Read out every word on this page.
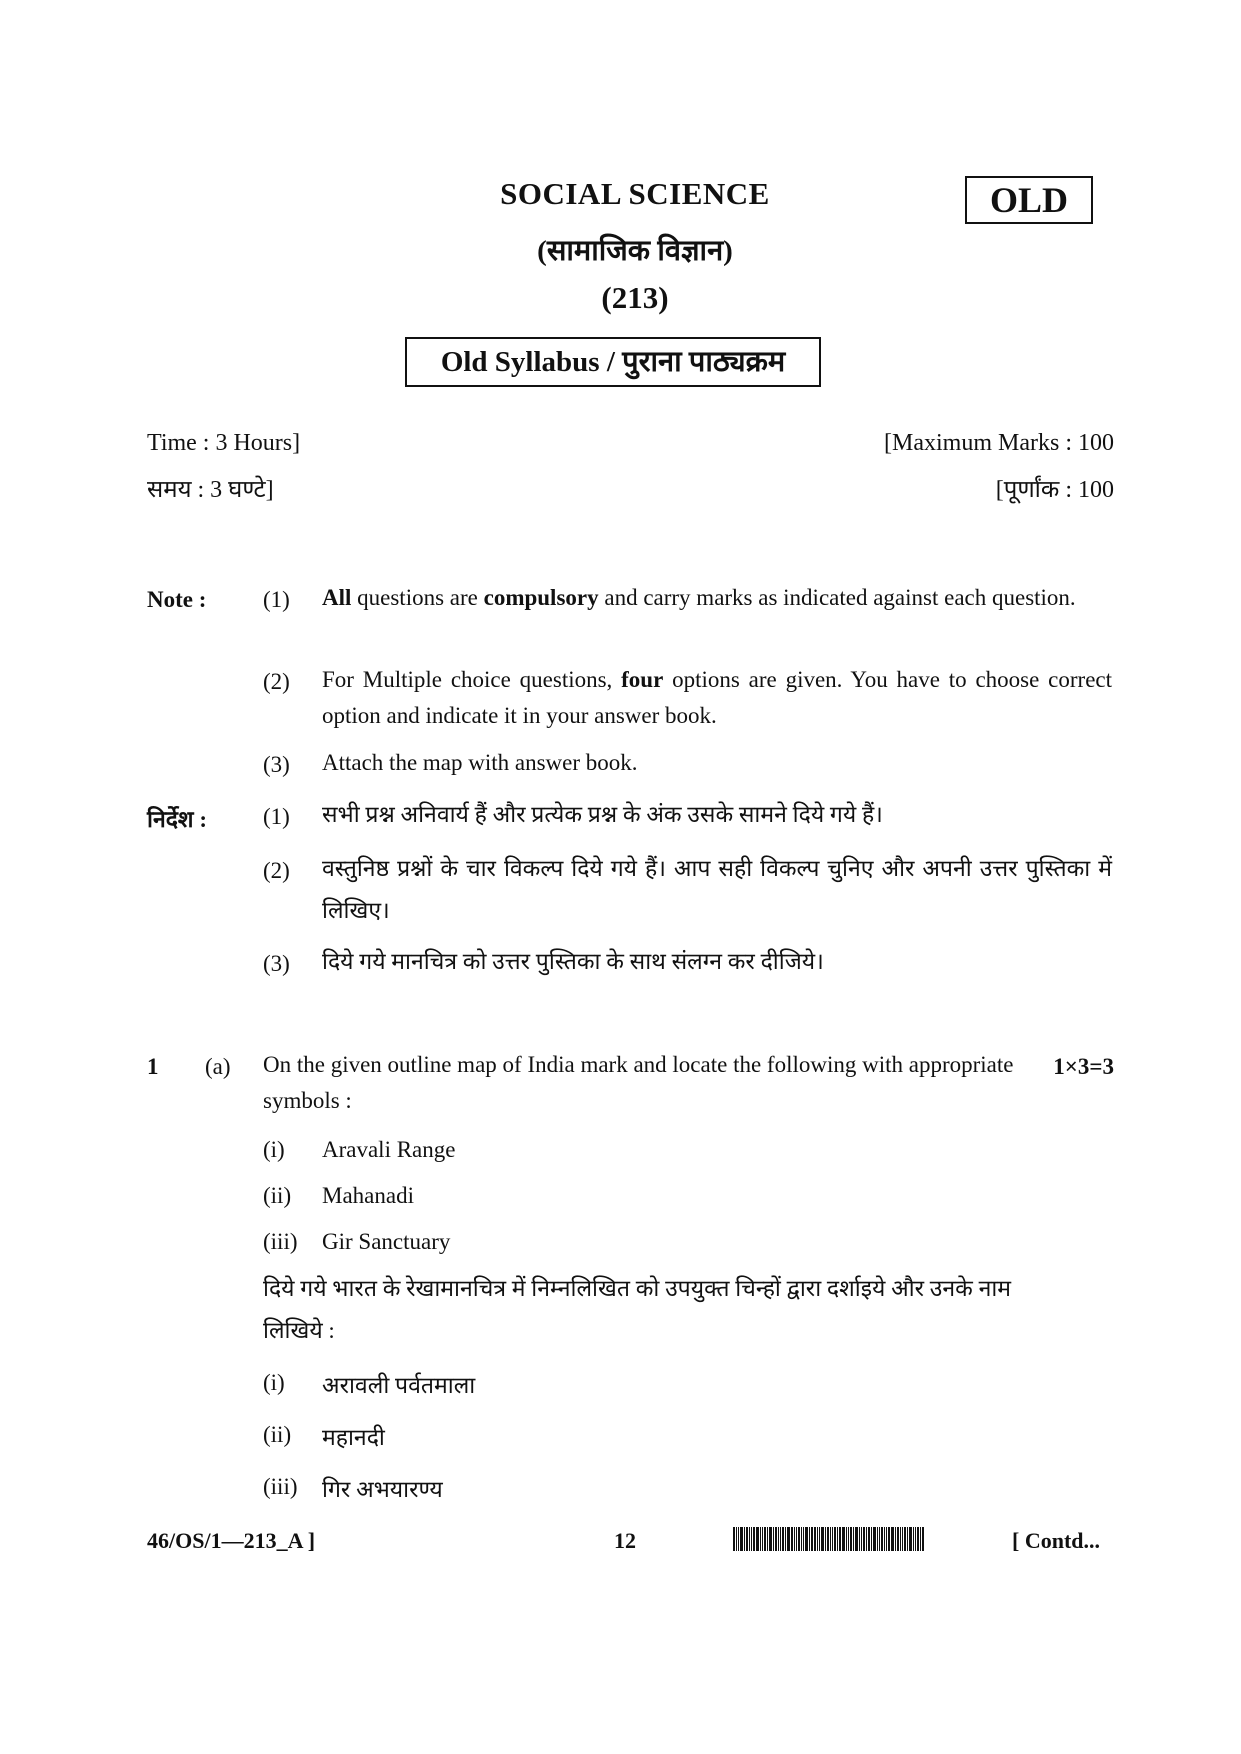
SOCIAL SCIENCE
(सामाजिक विज्ञान)
(213)
OLD
Old Syllabus / पुराना पाठ्यक्रम
Time : 3 Hours]
समय : 3 घण्टे]
[Maximum Marks : 100
[पूर्णांक : 100
Note : (1) All questions are compulsory and carry marks as indicated against each question.
(2) For Multiple choice questions, four options are given. You have to choose correct option and indicate it in your answer book.
(3) Attach the map with answer book.
निर्देश : (1) सभी प्रश्न अनिवार्य हैं और प्रत्येक प्रश्न के अंक उसके सामने दिये गये हैं।
(2) वस्तुनिष्ठ प्रश्नों के चार विकल्प दिये गये हैं। आप सही विकल्प चुनिए और अपनी उत्तर पुस्तिका में लिखिए।
(3) दिये गये मानचित्र को उत्तर पुस्तिका के साथ संलग्न कर दीजिये।
1 (a) On the given outline map of India mark and locate the following with appropriate symbols :
1×3=3
(i) Aravali Range
(ii) Mahanadi
(iii) Gir Sanctuary
दिये गये भारत के रेखामानचित्र में निम्नलिखित को उपयुक्त चिन्हों द्वारा दर्शाइये और उनके नाम लिखिये :
(i) अरावली पर्वतमाला
(ii) महानदी
(iii) गिर अभयारण्य
46/OS/1—213_A ]	12	[ Contd...
